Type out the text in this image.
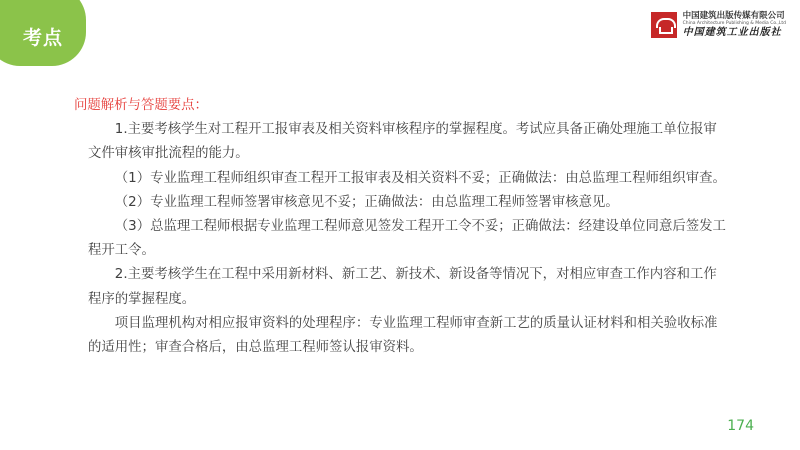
考点
中国建筑出版传媒有限公司
China Architecture Publishing & Media Co.,Ltd
中国建筑工业出版社

问题解析与答题要点：

1.主要考核学生对工程开工报审表及相关资料审核程序的掌握程度。考试应具备正确处理施工单位报审文件审核审批流程的能力。

（1）专业监理工程师组织审查工程开工报审表及相关资料不妥；正确做法：由总监理工程师组织审查。

（2）专业监理工程师签署审核意见不妥；正确做法：由总监理工程师签署审核意见。

（3）总监理工程师根据专业监理工程师意见签发工程开工令不妥；正确做法：经建设单位同意后签发工程开工令。

2.主要考核学生在工程中采用新材料、新工艺、新技术、新设备等情况下，对相应审查工作内容和工作程序的掌握程度。

项目监理机构对相应报审资料的处理程序：专业监理工程师审查新工艺的质量认证材料和相关验收标准的适用性；审查合格后，由总监理工程师签认报审资料。

174
